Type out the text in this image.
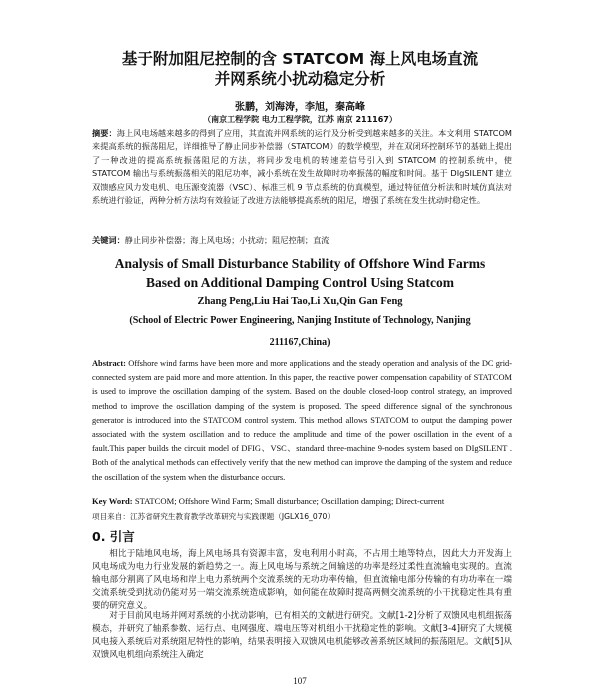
基于附加阻尼控制的含 STATCOM 海上风电场直流
并网系统小扰动稳定分析
张鹏，刘海涛，李旭，秦高峰
（南京工程学院 电力工程学院，江苏 南京 211167）
摘要：海上风电场越来越多的得到了应用，其直流并网系统的运行及分析受到越来越多的关注。本文利用 STATCOM 来提高系统的振荡阻尼，详细推导了静止同步补偿器（STATCOM）的数学模型，并在双闭环控制环节的基础上提出了一种改进的提高系统振荡阻尼的方法，将同步发电机的转速差信号引入到 STATCOM 的控制系统中，使 STATCOM 输出与系统振荡相关的阻尼功率，减小系统在发生故障时功率振荡的幅度和时间。基于 DIgSILENT 建立双馈感应风力发电机、电压源变流器（VSC）、标准三机 9 节点系统的仿真模型，通过特征值分析法和时域仿真法对系统进行验证，两种分析方法均有效验证了改进方法能够提高系统的阻尼，增强了系统在发生扰动时稳定性。
关键词：静止同步补偿器；海上风电场；小扰动；阻尼控制；直流
Analysis of Small Disturbance Stability of Offshore Wind Farms
Based on Additional Damping Control Using Statcom
Zhang Peng,Liu Hai Tao,Li Xu,Qin Gan Feng
(School of Electric Power Engineering, Nanjing Institute of Technology, Nanjing
211167,China)
Abstract: Offshore wind farms have been more and more applications and the steady operation and analysis of the DC grid-connected system are paid more and more attention. In this paper, the reactive power compensation capability of STATCOM is used to improve the oscillation damping of the system. Based on the double closed-loop control strategy, an improved method to improve the oscillation damping of the system is proposed. The speed difference signal of the synchronous generator is introduced into the STATCOM control system. This method allows STATCOM to output the damping power associated with the system oscillation and to reduce the amplitude and time of the power oscillation in the event of a fault.This paper builds the circuit model of DFIG、VSC、standard three-machine 9-nodes system based on DIgSILENT . Both of the analytical methods can effectively verify that the new method can improve the damping of the system and reduce the oscillation of the system when the disturbance occurs.
Key Word: STATCOM; Offshore Wind Farm; Small disturbance; Oscillation damping; Direct-current
项目来自：江苏省研究生教育教学改革研究与实践课题（JGLX16_070）
0. 引言
相比于陆地风电场，海上风电场具有资源丰富，发电利用小时高，不占用土地等特点，因此大力开发海上风电场成为电力行业发展的新趋势之一。海上风电场与系统之间输送的功率是经过柔性直流输电实现的。直流输电部分割离了风电场和岸上电力系统两个交流系统的无功功率传输，但直流输电部分传输的有功功率在一端交流系统受到扰动仍能对另一端交流系统造成影响，如何能在故障时提高两侧交流系统的小干扰稳定性具有重要的研究意义。
对于目前风电场并网对系统的小扰动影响，已有相关的文献进行研究。文献[1-2]分析了双馈风电机组振荡模态，并研究了轴系参数、运行点、电网强度、端电压等对机组小干扰稳定性的影响。文献[3-4]研究了大规模风电接入系统后对系统阻尼特性的影响，结果表明接入双馈风电机能够改善系统区域间的振荡阻尼。文献[5]从双馈风电机组向系统注入确定
107
